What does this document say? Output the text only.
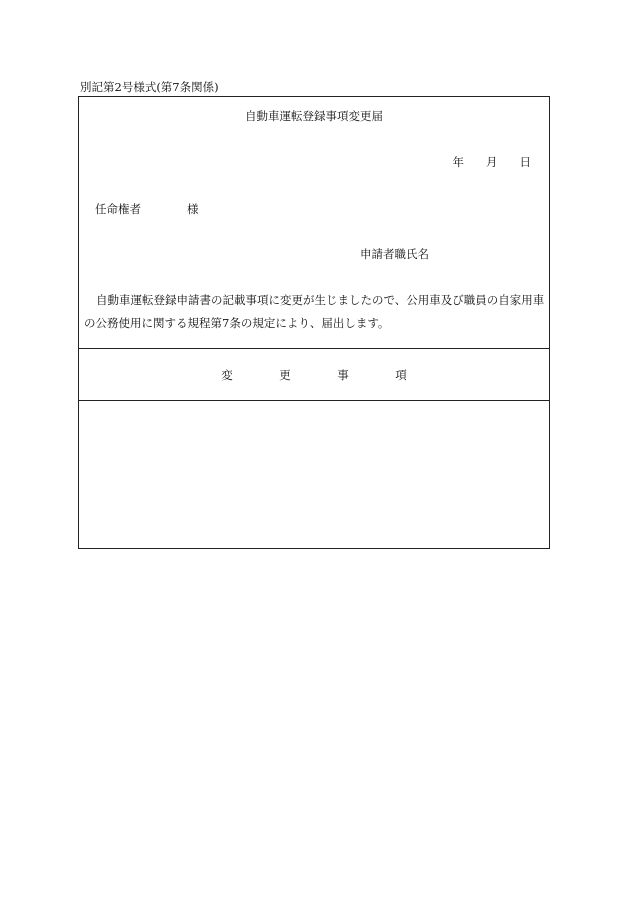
別記第2号様式(第7条関係)
自動車運転登録事項変更届
年 月 日
任命権者	様
申請者職氏名
自動車運転登録申請書の記載事項に変更が生じましたので、公用車及び職員の自家用車の公務使用に関する規程第7条の規定により、届出します。
変	更	事	項
